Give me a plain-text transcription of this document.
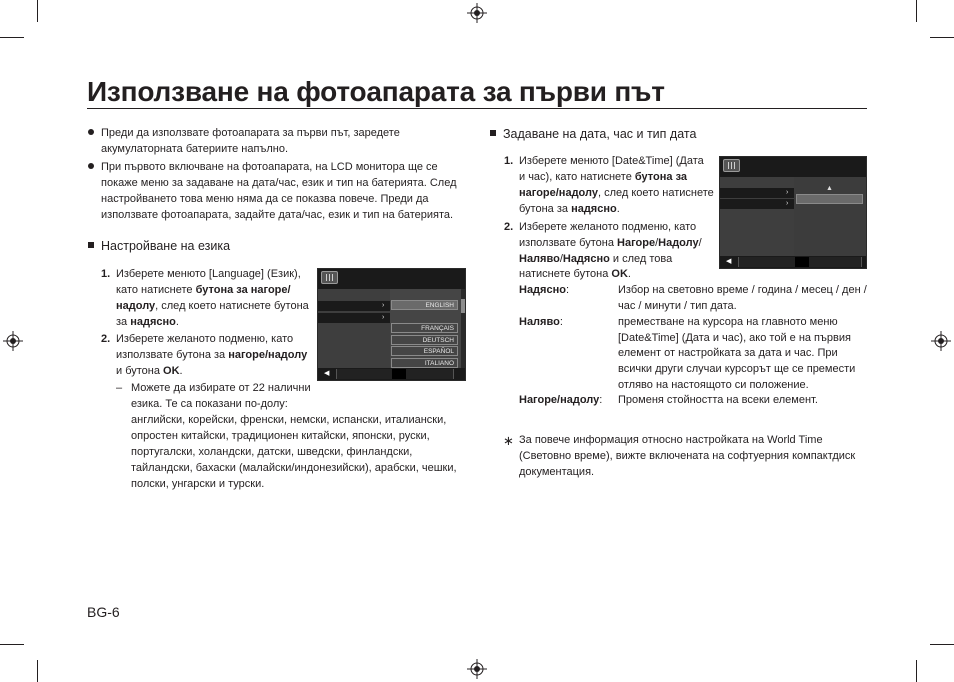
Използване на фотоапарата за първи път
Преди да използвате фотоапарата за първи път, заредете
акумулаторната батериите напълно.
При първото включване на фотоапарата, на LCD монитора ще се
покаже меню за задаване на дата/час, език и тип на батерията. След
настройването това меню няма да се показва повече. Преди да
използвате фотоапарата, задайте дата/час, език и тип на батерията.
Настройване на езика
1. Изберете менюто [Language] (Език),
като натиснете бутона за нагоре/
надолу, след което натиснете бутона
за надясно.
2. Изберете желаното подменю, като
използвате бутона за нагоре/надолу
и бутона OK.
– Можете да избирате от 22 налични
езика. Те са показани по-долу:
английски, корейски, френски, немски, испански, италиански,
опростен китайски, традиционен китайски, японски, руски,
португалски, холандски, датски, шведски, финландски,
тайландски, бахаски (малайски/индонезийски), арабски, чешки,
полски, унгарски и турски.
›
›
ENGLISH
FRANÇAIS
DEUTSCH
ESPAÑOL
ITALIANO
◀
Задаване на дата, час и тип дата
1. Изберете менюто [Date&Time] (Дата
и час), като натиснете бутона за
нагоре/надолу, след което натиснете
бутона за надясно.
2. Изберете желаното подменю, като
използвате бутона Нагоре/Надолу/
Наляво/Надясно и след това
натиснете бутона OK.
›
›
▲
◀
Надясно:	Избор на световно време / година / месец / ден /
час / минути / тип дата.
Наляво:	преместване на курсора на главното меню
[Date&Time] (Дата и час), ако той е на първия
елемент от настройката за дата и час. При
всички други случаи курсорът ще се премести
отляво на настоящото си положение.
Нагоре/надолу: Променя стойността на всеки елемент.
∗ За повече информация относно настройката на World Time
(Световно време), вижте включената на софтуерния компактдиск
документация.
BG-6
